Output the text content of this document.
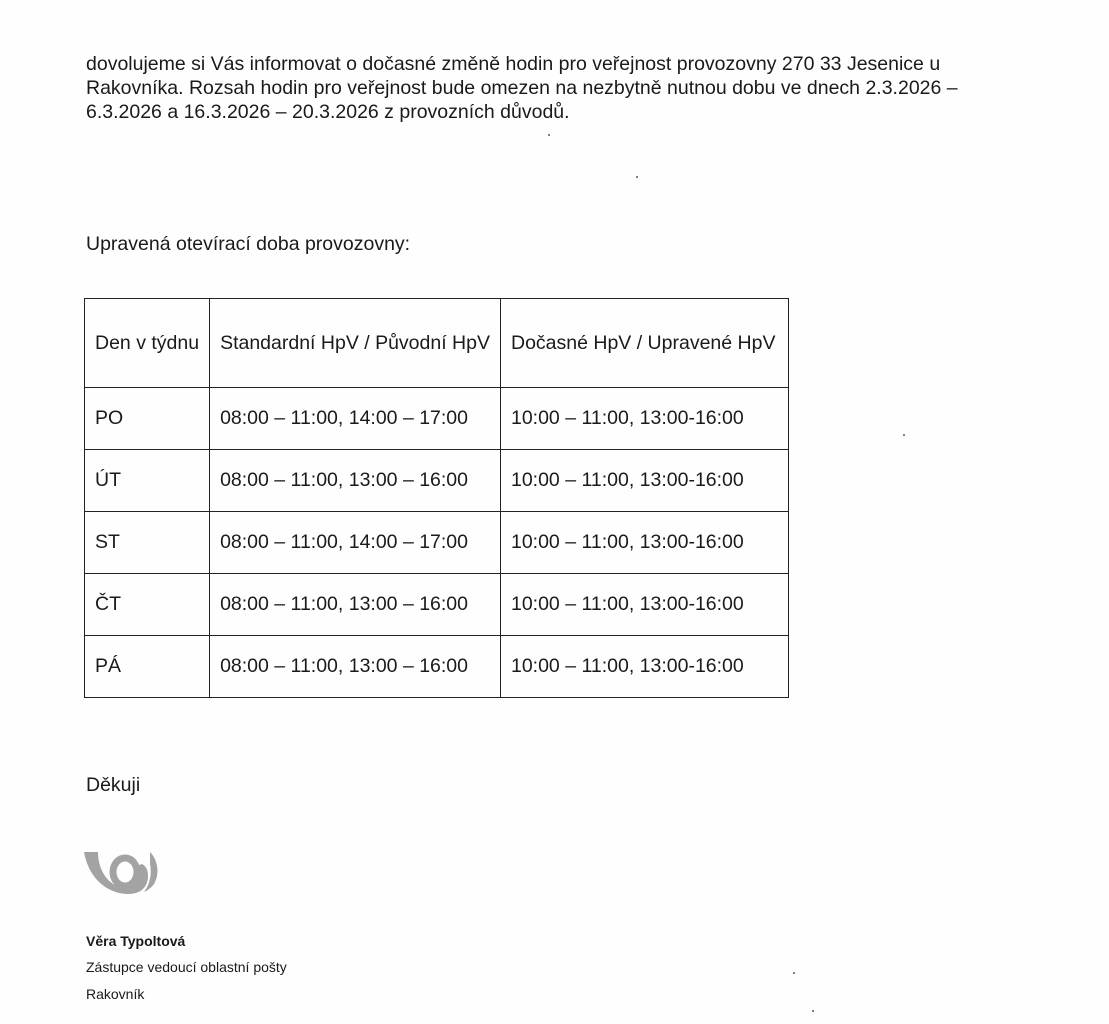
dovolujeme si Vás informovat o dočasné změně hodin pro veřejnost provozovny 270 33 Jesenice u
Rakovníka. Rozsah hodin pro veřejnost bude omezen na nezbytně nutnou dobu ve dnech 2.3.2026 –
6.3.2026 a 16.3.2026 – 20.3.2026 z provozních důvodů.

Upravená otevírací doba provozovny:

Den v týdnu	Standardní HpV / Původní HpV	Dočasné HpV / Upravené HpV
PO	08:00 – 11:00, 14:00 – 17:00	10:00 – 11:00, 13:00-16:00
ÚT	08:00 – 11:00, 13:00 – 16:00	10:00 – 11:00, 13:00-16:00
ST	08:00 – 11:00, 14:00 – 17:00	10:00 – 11:00, 13:00-16:00
ČT	08:00 – 11:00, 13:00 – 16:00	10:00 – 11:00, 13:00-16:00
PÁ	08:00 – 11:00, 13:00 – 16:00	10:00 – 11:00, 13:00-16:00

Děkuji

Věra Typoltová

Zástupce vedoucí oblastní pošty

Rakovník
